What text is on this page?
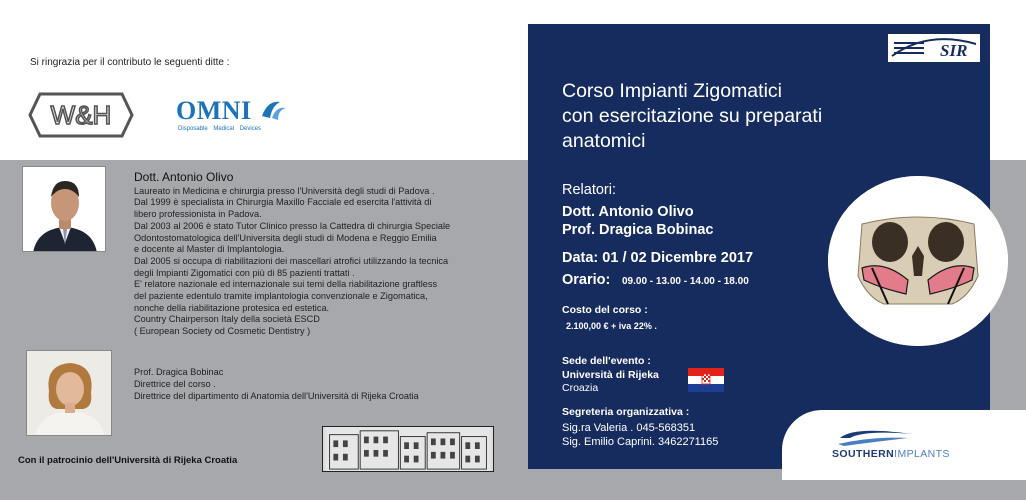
Si ringrazia per il contributo le seguenti ditte :
W&H OMNI
Disposable Medical Devices
Dott. Antonio Olivo
Laureato in Medicina e chirurgia presso l'Università degli studi di Padova .
Dal 1999 è specialista in Chirurgia Maxillo Facciale ed esercita l'attività di
libero professionista in Padova.
Dal 2003 al 2006 è stato Tutor Clinico presso la Cattedra di chirurgia Speciale
Odontostomatologica dell'Universita degli studi di Modena e Reggio Emilia
e docente al Master di Implantologia.
Dal 2005 si occupa di riabilitazioni dei mascellari atrofici utilizzando la tecnica
degli Impianti Zigomatici con più di 85 pazienti trattati .
E' relatore nazionale ed internazionale sui temi della riabilitazione graftless
del paziente edentulo tramite implantologia convenzionale e Zigomatica,
nonche della riabilitazione protesica ed estetica.
Country Chairperson Italy della società ESCD
( European Society od Cosmetic Dentistry )
Prof. Dragica Bobinac
Direttrice del corso .
Direttrice del dipartimento di Anatomia dell'Università di Rijeka Croatia
Con il patrocinio dell'Università di Rijeka Croatia
SIR
Corso Impianti Zigomatici
con esercitazione su preparati
anatomici
Relatori:
Dott. Antonio Olivo
Prof. Dragica Bobinac
Data: 01 / 02 Dicembre 2017
Orario: 09.00 - 13.00 - 14.00 - 18.00
Costo del corso :
2.100,00 € + iva 22% .
Sede dell'evento :
Università di Rijeka
Croazia
Segreteria organizzativa :
Sig.ra Valeria . 045-568351
Sig. Emilio Caprini. 3462271165
SOUTHERNIMPLANTS
